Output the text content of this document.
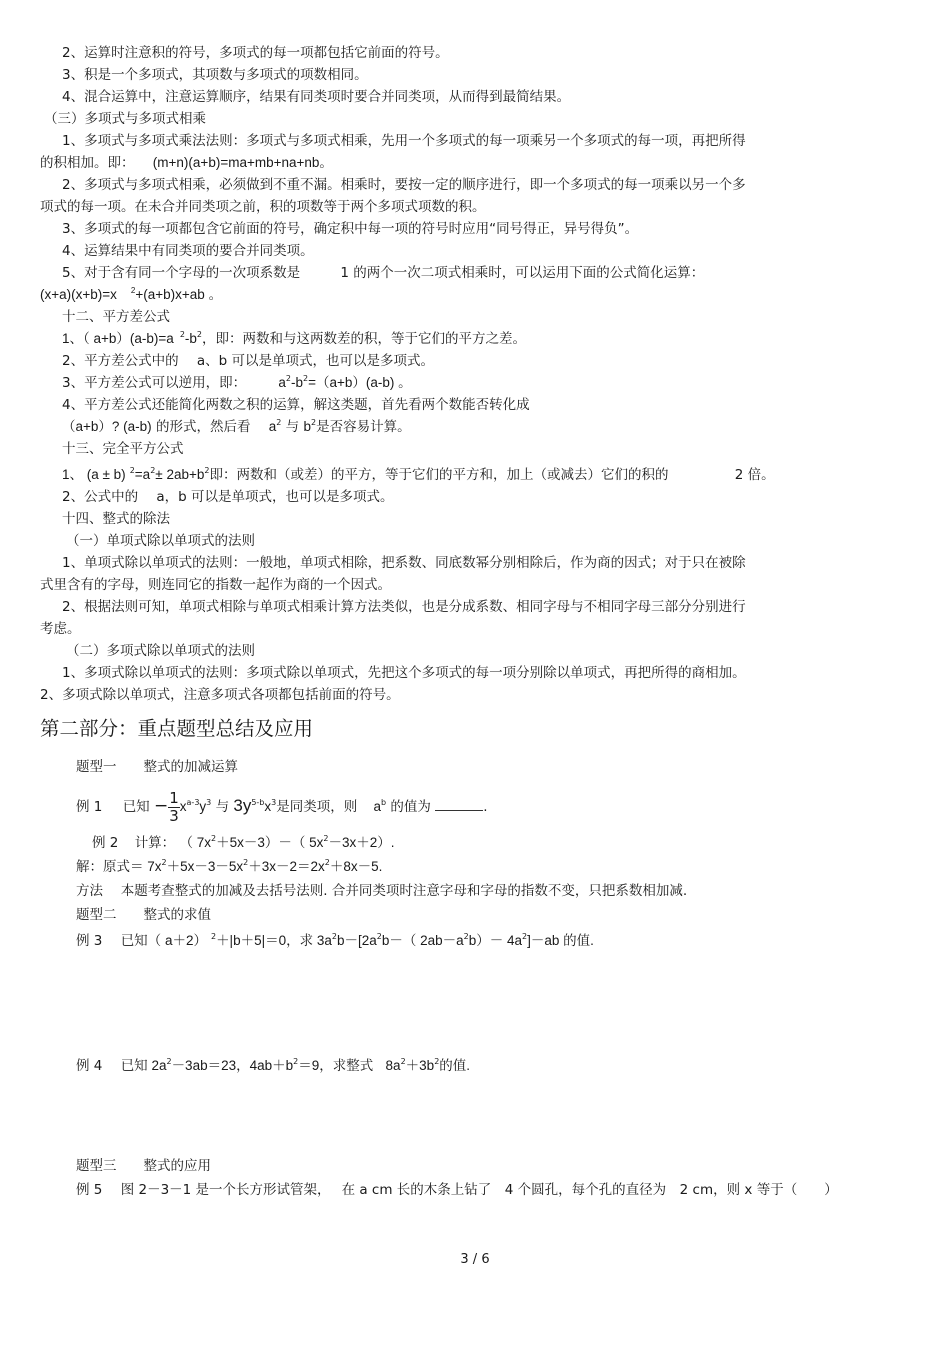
2、运算时注意积的符号，多项式的每一项都包括它前面的符号。
3、积是一个多项式，其项数与多项式的项数相同。
4、混合运算中，注意运算顺序，结果有同类项时要合并同类项，从而得到最简结果。
（三）多项式与多项式相乘
1、多项式与多项式乘法法则：多项式与多项式相乘，先用一个多项式的每一项乘另一个多项式的每一项，再把所得
的积相加。即： (m+n)(a+b)=ma+mb+na+nb。
2、多项式与多项式相乘，必须做到不重不漏。相乘时，要按一定的顺序进行，即一个多项式的每一项乘以另一个多
项式的每一项。在未合并同类项之前，积的项数等于两个多项式项数的积。
3、多项式的每一项都包含它前面的符号，确定积中每一项的符号时应用“同号得正，异号得负”。
4、运算结果中有同类项的要合并同类项。
5、对于含有同一个字母的一次项系数是	1 的两个一次二项式相乘时，可以运用下面的公式简化运算：
(x+a)(x+b)=x $^2$+(a+b)x+ab 。
十二、平方差公式
1、（ a+b）(a-b)=a $^2-b^2$，即：两数和与这两数差的积，等于它们的平方之差。
2、平方差公式中的 a、b 可以是单项式，也可以是多项式。
3、平方差公式可以逆用，即： $a^2-b^2=(a+b)(a-b)$ 。
4、平方差公式还能简化两数之积的运算，解这类题，首先看两个数能否转化成
（a+b）? (a-b) 的形式，然后看 $a^2$ 与 $b^2$是否容易计算。
十三、完全平方公式
1、 (a ± b) $^2=a^2\pm 2ab+b^2$即：两数和（或差）的平方，等于它们的平方和，加上（或减去）它们的积的	2 倍。
2、公式中的 a，b 可以是单项式，也可以是多项式。
十四、整式的除法
（一）单项式除以单项式的法则
1、单项式除以单项式的法则：一般地，单项式相除，把系数、同底数幂分别相除后，作为商的因式；对于只在被除
式里含有的字母，则连同它的指数一起作为商的一个因式。
2、根据法则可知，单项式相除与单项式相乘计算方法类似，也是分成系数、相同字母与不相同字母三部分分别进行
考虑。
（二）多项式除以单项式的法则
1、多项式除以单项式的法则：多项式除以单项式，先把这个多项式的每一项分别除以单项式，再把所得的商相加。
2、多项式除以单项式，注意多项式各项都包括前面的符号。
第二部分：重点题型总结及应用
题型一　　整式的加减运算
例 1 已知 − $\frac{1}{3} x^{a-3}y^3$ 与 $3y^{5-b}x^3$是同类项，则 $a^b$ 的值为	.
例 2 计算： （ $7x^2+5x-3)-$（ $5x^2-3x+2$）.
解：原式＝ $7x^2+5x-3-5x^2+3x-2=2x^2+8x-5$.
方法　 本题考查整式的加减及去括号法则. 合并同类项时注意字母和字母的指数不变，只把系数相加减.
题型二　　整式的求值
例 3 已知（ a＋2） $^2$＋|b＋5|＝0，求 $3a^2b-[2a^2b-$（ $2ab-a^2b)- 4a^2]-ab$ 的值.
例 4 已知 $2a^2-3ab=23$，$4ab+b^2=9$，求整式 $8a^2+3b^2$的值.
题型三　　整式的应用
例 5 图 2－3－1 是一个长方形试管架，　 在 a cm 长的木条上钻了　4 个圆孔，每个孔的直径为　2 cm，则 x 等于（　　）
3 / 6
